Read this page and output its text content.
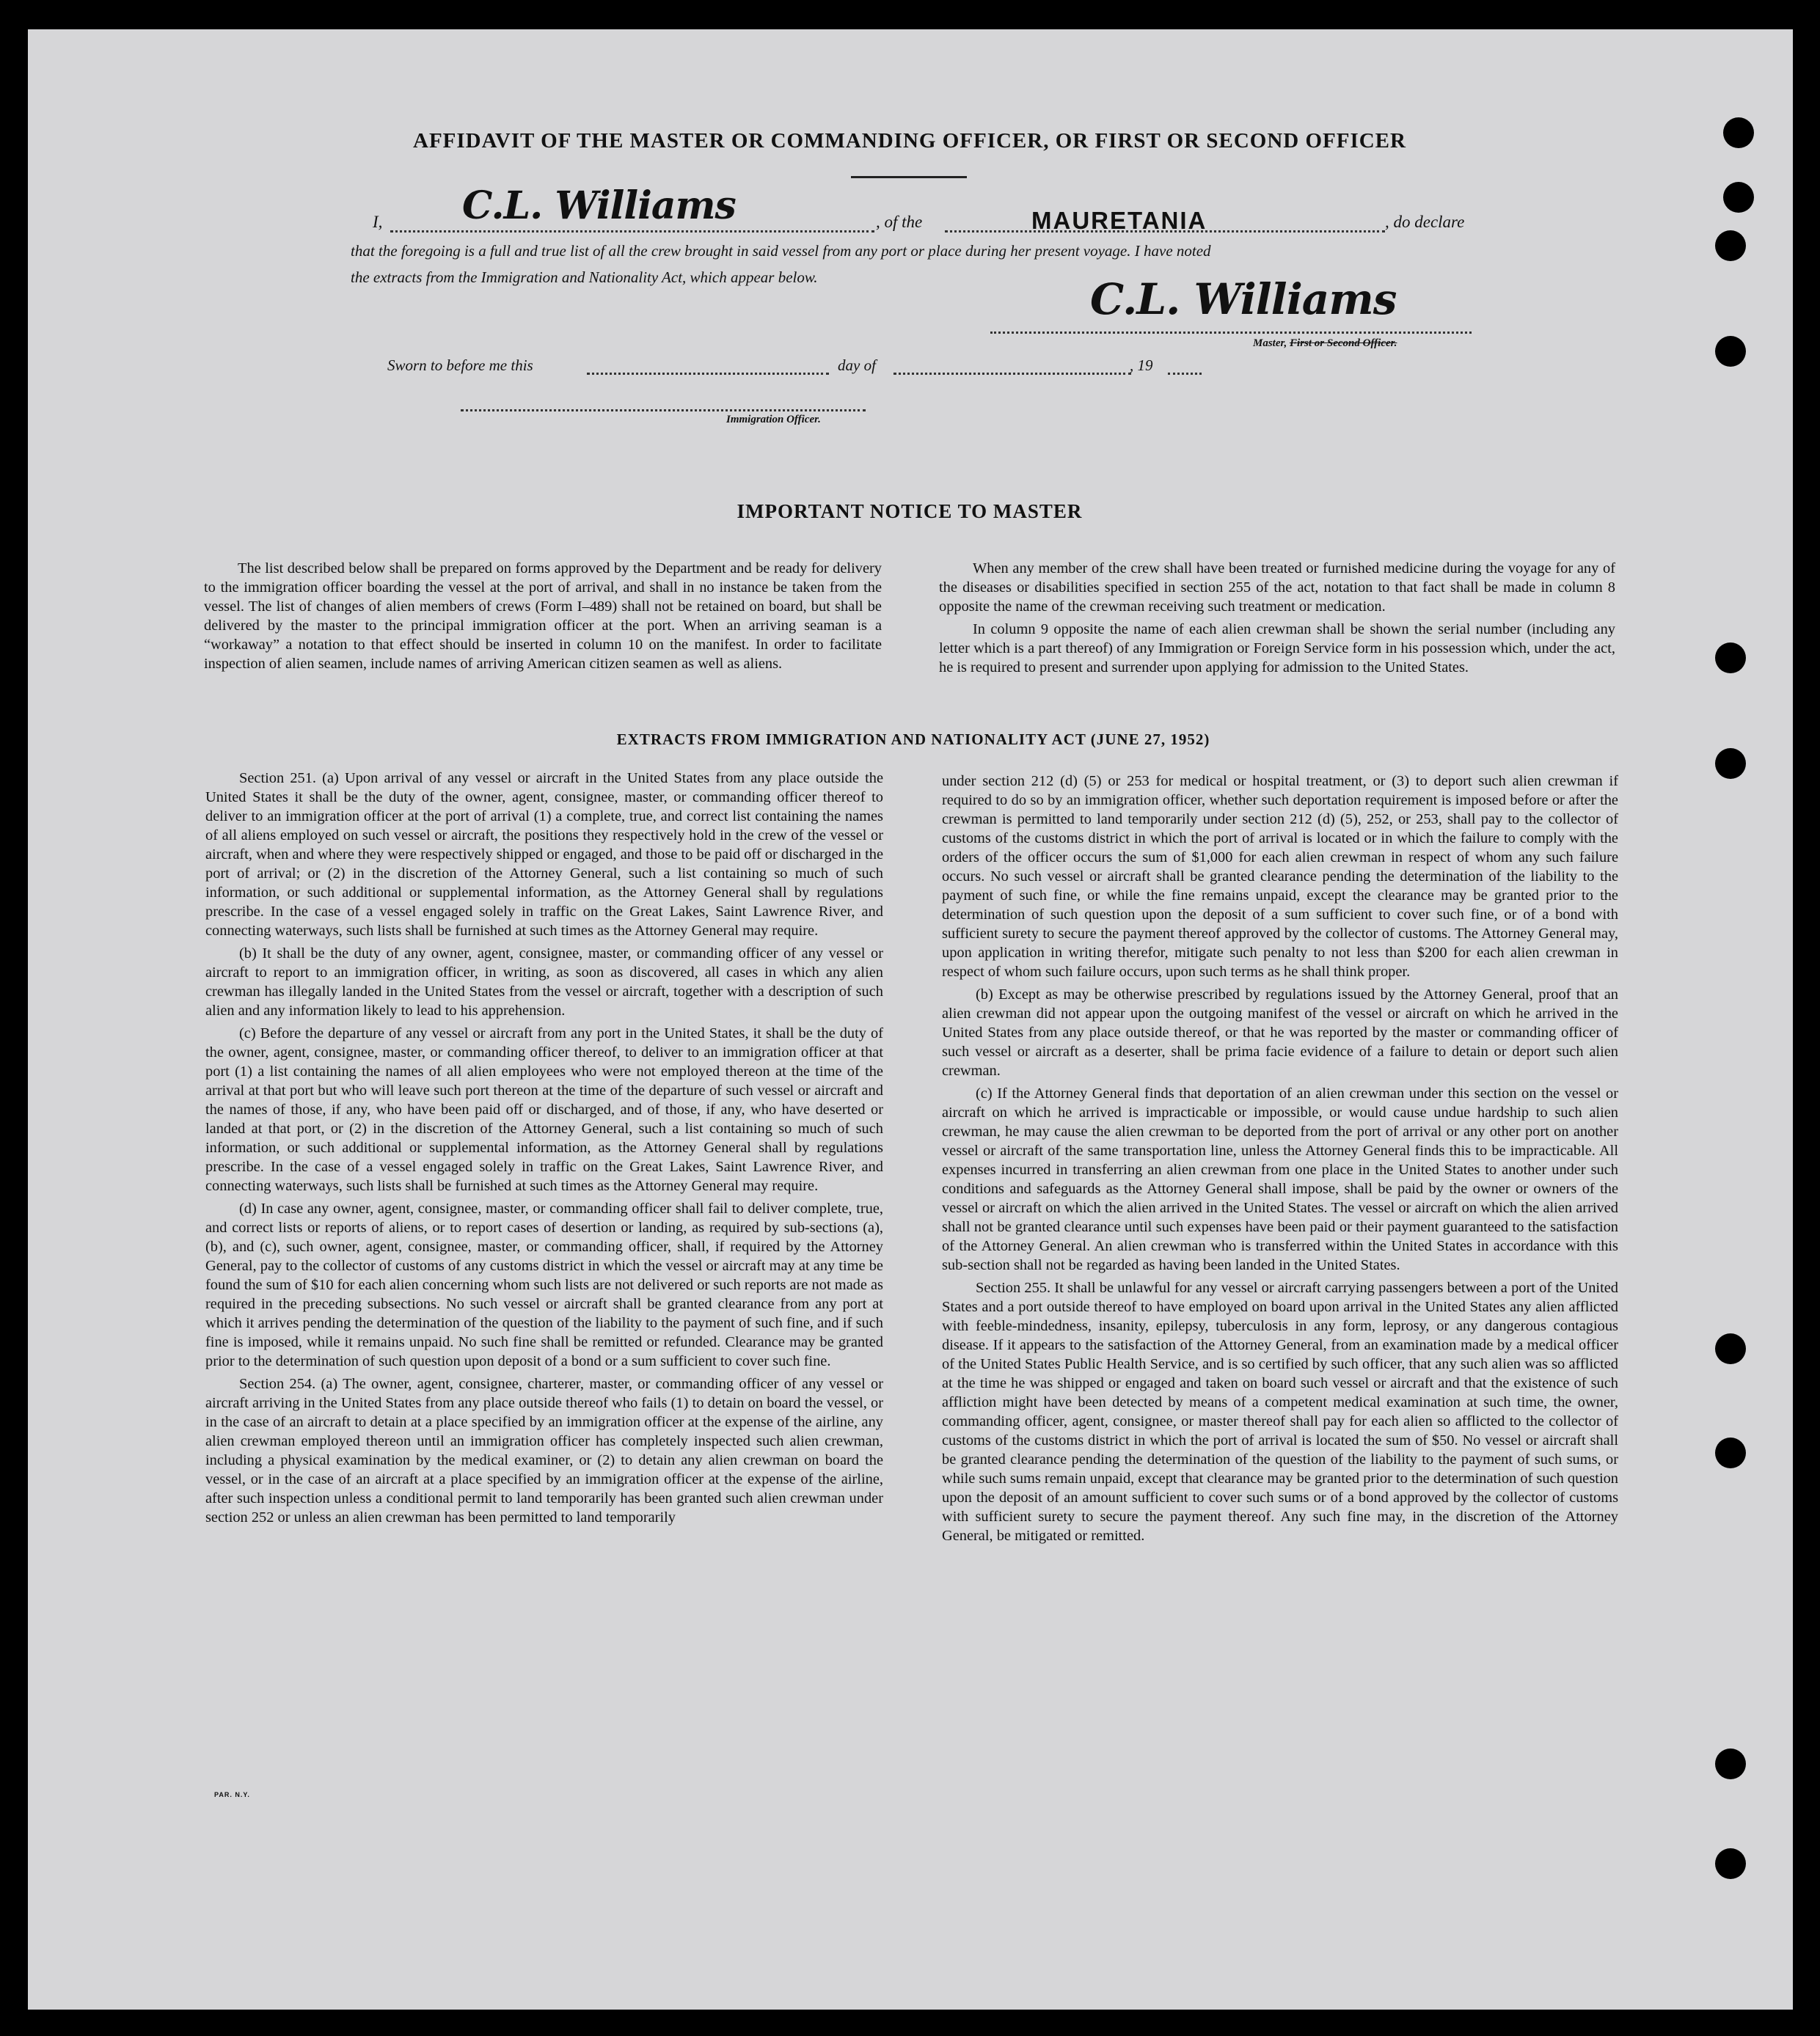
AFFIDAVIT OF THE MASTER OR COMMANDING OFFICER, OR FIRST OR SECOND OFFICER
I, C.L. Williams	, of the	MAURETANIA	, do declare
that the foregoing is a full and true list of all the crew brought in said vessel from any port or place during her present voyage. I have noted
the extracts from the Immigration and Nationality Act, which appear below.	C.L. Williams
Master, First or Second Officer.
Sworn to before me this	day of	, 19
Immigration Officer.
IMPORTANT NOTICE TO MASTER

The list described below shall be prepared on forms approved by the Department and be ready for delivery to the immigration officer boarding the vessel at the port of arrival, and shall in no instance be taken from the vessel. The list of changes of alien members of crews (Form I–489) shall not be retained on board, but shall be delivered by the master to the principal immigration officer at the port. When an arriving seaman is a “workaway” a notation to that effect should be inserted in column 10 on the manifest. In order to facilitate inspection of alien seamen, include names of arriving American citizen seamen as well as aliens.

When any member of the crew shall have been treated or furnished medicine during the voyage for any of the diseases or disabilities specified in section 255 of the act, notation to that fact shall be made in column 8 opposite the name of the crewman receiving such treatment or medication.

In column 9 opposite the name of each alien crewman shall be shown the serial number (including any letter which is a part thereof) of any Immigration or Foreign Service form in his possession which, under the act, he is required to present and surrender upon applying for admission to the United States.

EXTRACTS FROM IMMIGRATION AND NATIONALITY ACT (JUNE 27, 1952)

Section 251. (a) Upon arrival of any vessel or aircraft in the United States from any place outside the United States it shall be the duty of the owner, agent, consignee, master, or commanding officer thereof to deliver to an immigration officer at the port of arrival (1) a complete, true, and correct list containing the names of all aliens employed on such vessel or aircraft, the positions they respectively hold in the crew of the vessel or aircraft, when and where they were respectively shipped or engaged, and those to be paid off or discharged in the port of arrival; or (2) in the discretion of the Attorney General, such a list containing so much of such information, or such additional or supplemental information, as the Attorney General shall by regulations prescribe. In the case of a vessel engaged solely in traffic on the Great Lakes, Saint Lawrence River, and connecting waterways, such lists shall be furnished at such times as the Attorney General may require.

(b) It shall be the duty of any owner, agent, consignee, master, or commanding officer of any vessel or aircraft to report to an immigration officer, in writing, as soon as discovered, all cases in which any alien crewman has illegally landed in the United States from the vessel or aircraft, together with a description of such alien and any information likely to lead to his apprehension.

(c) Before the departure of any vessel or aircraft from any port in the United States, it shall be the duty of the owner, agent, consignee, master, or commanding officer thereof, to deliver to an immigration officer at that port (1) a list containing the names of all alien employees who were not employed thereon at the time of the arrival at that port but who will leave such port thereon at the time of the departure of such vessel or aircraft and the names of those, if any, who have been paid off or discharged, and of those, if any, who have deserted or landed at that port, or (2) in the discretion of the Attorney General, such a list containing so much of such information, or such additional or supplemental information, as the Attorney General shall by regulations prescribe. In the case of a vessel engaged solely in traffic on the Great Lakes, Saint Lawrence River, and connecting waterways, such lists shall be furnished at such times as the Attorney General may require.

(d) In case any owner, agent, consignee, master, or commanding officer shall fail to deliver complete, true, and correct lists or reports of aliens, or to report cases of desertion or landing, as required by sub-sections (a), (b), and (c), such owner, agent, consignee, master, or commanding officer, shall, if required by the Attorney General, pay to the collector of customs of any customs district in which the vessel or aircraft may at any time be found the sum of $10 for each alien concerning whom such lists are not delivered or such reports are not made as required in the preceding subsections. No such vessel or aircraft shall be granted clearance from any port at which it arrives pending the determination of the question of the liability to the payment of such fine, and if such fine is imposed, while it remains unpaid. No such fine shall be remitted or refunded. Clearance may be granted prior to the determination of such question upon deposit of a bond or a sum sufficient to cover such fine.

Section 254. (a) The owner, agent, consignee, charterer, master, or commanding officer of any vessel or aircraft arriving in the United States from any place outside thereof who fails (1) to detain on board the vessel, or in the case of an aircraft to detain at a place specified by an immigration officer at the expense of the airline, any alien crewman employed thereon until an immigration officer has completely inspected such alien crewman, including a physical examination by the medical examiner, or (2) to detain any alien crewman on board the vessel, or in the case of an aircraft at a place specified by an immigration officer at the expense of the airline, after such inspection unless a conditional permit to land temporarily has been granted such alien crewman under section 252 or unless an alien crewman has been permitted to land temporarily

under section 212 (d) (5) or 253 for medical or hospital treatment, or (3) to deport such alien crewman if required to do so by an immigration officer, whether such deportation requirement is imposed before or after the crewman is permitted to land temporarily under section 212 (d) (5), 252, or 253, shall pay to the collector of customs of the customs district in which the port of arrival is located or in which the failure to comply with the orders of the officer occurs the sum of $1,000 for each alien crewman in respect of whom any such failure occurs. No such vessel or aircraft shall be granted clearance pending the determination of the liability to the payment of such fine, or while the fine remains unpaid, except the clearance may be granted prior to the determination of such question upon the deposit of a sum sufficient to cover such fine, or of a bond with sufficient surety to secure the payment thereof approved by the collector of customs. The Attorney General may, upon application in writing therefor, mitigate such penalty to not less than $200 for each alien crewman in respect of whom such failure occurs, upon such terms as he shall think proper.

(b) Except as may be otherwise prescribed by regulations issued by the Attorney General, proof that an alien crewman did not appear upon the outgoing manifest of the vessel or aircraft on which he arrived in the United States from any place outside thereof, or that he was reported by the master or commanding officer of such vessel or aircraft as a deserter, shall be prima facie evidence of a failure to detain or deport such alien crewman.

(c) If the Attorney General finds that deportation of an alien crewman under this section on the vessel or aircraft on which he arrived is impracticable or impossible, or would cause undue hardship to such alien crewman, he may cause the alien crewman to be deported from the port of arrival or any other port on another vessel or aircraft of the same transportation line, unless the Attorney General finds this to be impracticable. All expenses incurred in transferring an alien crewman from one place in the United States to another under such conditions and safeguards as the Attorney General shall impose, shall be paid by the owner or owners of the vessel or aircraft on which the alien arrived in the United States. The vessel or aircraft on which the alien arrived shall not be granted clearance until such expenses have been paid or their payment guaranteed to the satisfaction of the Attorney General. An alien crewman who is transferred within the United States in accordance with this sub-section shall not be regarded as having been landed in the United States.

Section 255. It shall be unlawful for any vessel or aircraft carrying passengers between a port of the United States and a port outside thereof to have employed on board upon arrival in the United States any alien afflicted with feeble-mindedness, insanity, epilepsy, tuberculosis in any form, leprosy, or any dangerous contagious disease. If it appears to the satisfaction of the Attorney General, from an examination made by a medical officer of the United States Public Health Service, and is so certified by such officer, that any such alien was so afflicted at the time he was shipped or engaged and taken on board such vessel or aircraft and that the existence of such affliction might have been detected by means of a competent medical examination at such time, the owner, commanding officer, agent, consignee, or master thereof shall pay for each alien so afflicted to the collector of customs of the customs district in which the port of arrival is located the sum of $50. No vessel or aircraft shall be granted clearance pending the determination of the question of the liability to the payment of such sums, or while such sums remain unpaid, except that clearance may be granted prior to the determination of such question upon the deposit of an amount sufficient to cover such sums or of a bond approved by the collector of customs with sufficient surety to secure the payment thereof. Any such fine may, in the discretion of the Attorney General, be mitigated or remitted.

PAR. N.Y.
